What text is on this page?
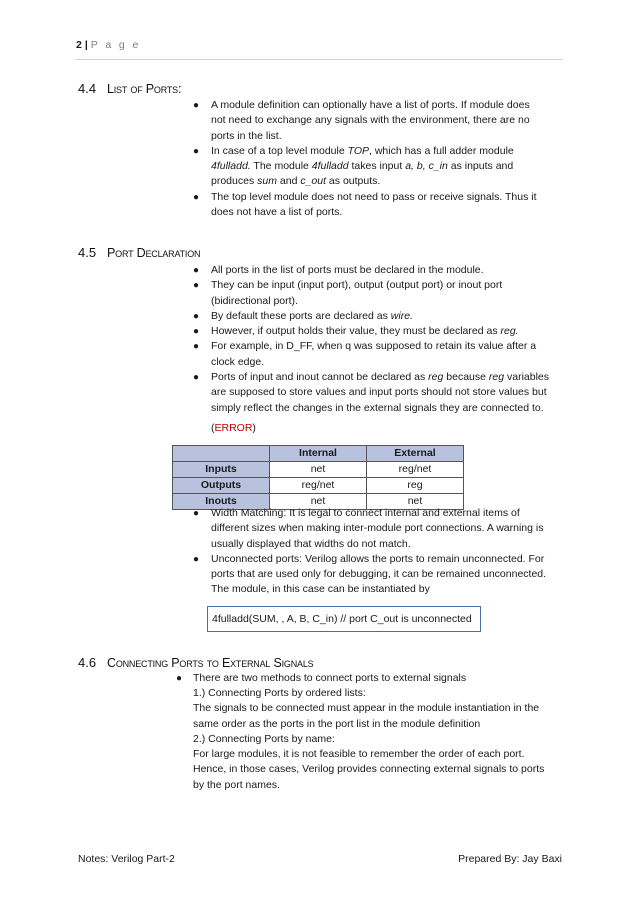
2 | P a g e
4.4 List of Ports:
● A module definition can optionally have a list of ports. If module does
not need to exchange any signals with the environment, there are no
ports in the list.
● In case of a top level module TOP, which has a full adder module
4fulladd. The module 4fulladd takes input a, b, c_in as inputs and
produces sum and c_out as outputs.
● The top level module does not need to pass or receive signals. Thus it
does not have a list of ports.
4.5 Port Declaration
● All ports in the list of ports must be declared in the module.
● They can be input (input port), output (output port) or inout port
(bidirectional port).
● By default these ports are declared as wire.
● However, if output holds their value, they must be declared as reg.
● For example, in D_FF, when q was supposed to retain its value after a
clock edge.
● Ports of input and inout cannot be declared as reg because reg variables
are supposed to store values and input ports should not store values but
simply reflect the changes in the external signals they are connected to.
(ERROR)
	Internal	External
Inputs	net	reg/net
Outputs	reg/net	reg
Inouts	net	net
● Width Matching: It is legal to connect internal and external items of
different sizes when making inter-module port connections. A warning is
usually displayed that widths do not match.
● Unconnected ports: Verilog allows the ports to remain unconnected. For
ports that are used only for debugging, it can be remained unconnected.
The module, in this case can be instantiated by
4fulladd(SUM, , A, B, C_in) // port C_out is unconnected
4.6 Connecting Ports to External Signals
● There are two methods to connect ports to external signals
1.) Connecting Ports by ordered lists:
The signals to be connected must appear in the module instantiation in the
same order as the ports in the port list in the module definition
2.) Connecting Ports by name:
For large modules, it is not feasible to remember the order of each port.
Hence, in those cases, Verilog provides connecting external signals to ports
by the port names.
Notes: Verilog Part-2	Prepared By: Jay Baxi
